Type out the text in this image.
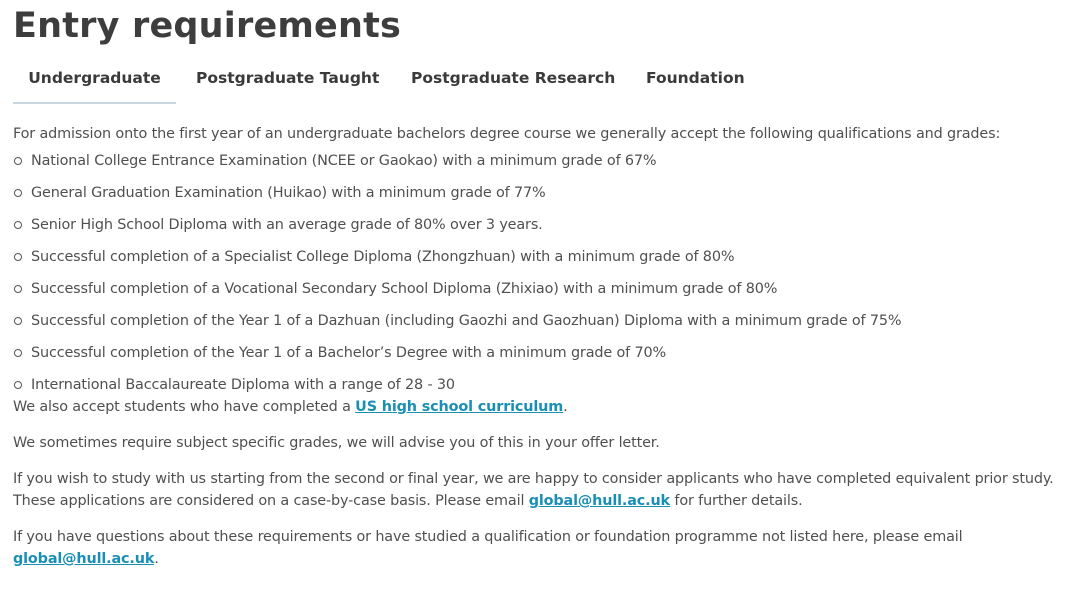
Entry requirements
Undergraduate	Postgraduate Taught Postgraduate Research Foundation

For admission onto the first year of an undergraduate bachelors degree course we generally accept the following qualifications and grades:

National College Entrance Examination (NCEE or Gaokao) with a minimum grade of 67%
General Graduation Examination (Huikao) with a minimum grade of 77%
Senior High School Diploma with an average grade of 80% over 3 years.
Successful completion of a Specialist College Diploma (Zhongzhuan) with a minimum grade of 80%
Successful completion of a Vocational Secondary School Diploma (Zhixiao) with a minimum grade of 80%
Successful completion of the Year 1 of a Dazhuan (including Gaozhi and Gaozhuan) Diploma with a minimum grade of 75%
Successful completion of the Year 1 of a Bachelor’s Degree with a minimum grade of 70%
International Baccalaureate Diploma with a range of 28 - 30

We also accept students who have completed a US high school curriculum.

We sometimes require subject specific grades, we will advise you of this in your offer letter.

If you wish to study with us starting from the second or final year, we are happy to consider applicants who have completed equivalent prior study. These applications are considered on a case-by-case basis. Please email global@hull.ac.uk for further details.

If you have questions about these requirements or have studied a qualification or foundation programme not listed here, please email global@hull.ac.uk.
